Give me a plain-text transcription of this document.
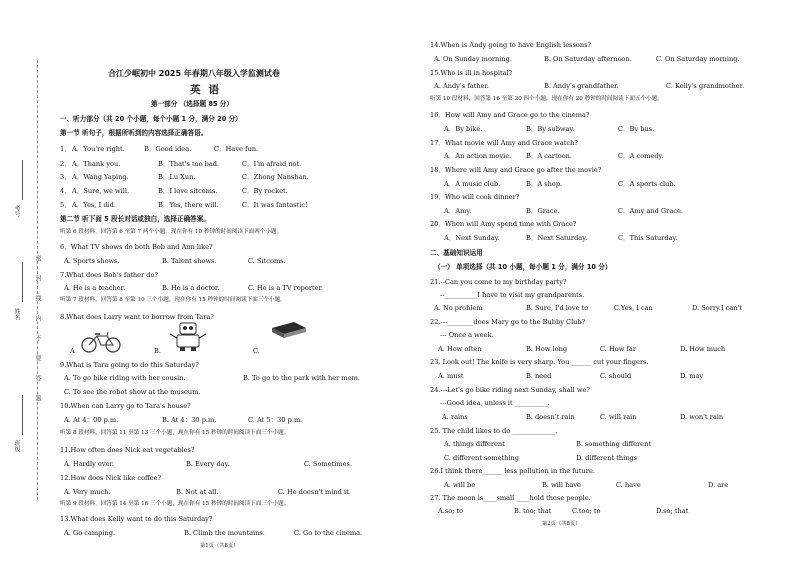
考号
姓名
班级
密
封
线
内
不
要
答
题
合江少岷初中 2025 年春期八年级入学监测试卷
英语
第一部分 （选择题 85 分）
一、听力部分（共 20 个小题，每个小题 1 分，满分 20 分）
第一节 听句子，根据所听到的内容选择正确答语。
1． A．You're right.	B．Good idea.	C．Have fun.
2． A．Thank you.	B．That's too bad.	C．I'm afraid not.
3． A．Wang Yaping.	B．Lu Xun.	C．Zhong Nanshan.
4． A．Sure, we will.	B．I love sitcoms.	C．By rocket.
5． A．Yes, I did.	B．Yes, there will.	C．It was fantastic!
第二节 听下面 5 段长对话或独白，选择正确答案。
听第 6 段材料，回答第 6 至第 7 两个小题。现在你有 10 秒钟的时间阅读下面两个小题。
6．What TV shows do both Bob and Ann like?
A. Sports shows.	B. Talent shows.	C. Sitcoms.
7.What does Bob's father do?
A. He is a teacher.	B. He is a doctor.	C. He is a TV reporter.
听第 7 段材料，回答第 8 至第 10 三个小题。现在你有 15 秒钟的时间阅读下面三个小题。
8.What does Larry want to borrow from Tara?
A	B.	C.
9.What is Tara going to do this Saturday?
A. To go bike riding with her cousin.	B. To go to the park with her mom.
C. To see the robot show at the museum.
10.When can Larry go to Tara's house?
A. At 4：00 p.m.	B. At 4：30 p.m.	C. At 5：30 p.m.
听第 8 段材料，回答第 11 至第 13 三个小题，现在你有 15 秒钟的时间阅读下面三个小题。
11.How often does Nick eat vegetables?
A. Hardly ever.	B. Every day.	C. Sometimes.
12.How does Nick like coffee?
A. Very much.	B. Not at all.	C. He doesn't mind it.
听第 9 段材料，回答第 14 至第 16 三个小题，现在你有 15 秒钟的时间阅读下面三个小题。
13.What does Kelly want to do this Saturday?
A. Go camping.	B. Climb the mountains.	C. Go to the cinema.
第1页（共8页）
14.When is Andy going to have English lessons?
A. On Sunday morning.	B. On Saturday afternoon.	C. On Saturday morning.
15.Who is ill in hospital?
A. Andy's father.	B. Andy's grandfather.	C. Kelly's grandmother.
听第 10 段材料，回答第 16 至第 20 四个小题，现在你有 20 秒钟的时间阅读下面五个小题。
16．How will Amy and Grace go to the cinema?
A．By bike.	B．By subway.	C．By bus.
17．What movie will Amy and Grace watch?
A．An action movie. B．A cartoon.	C．A comedy.
18．Where will Amy and Grace go after the movie?
A．A music club.	B．A shop.	C．A sports club.
19．Who will cook dinner?
A．Amy.	B．Grace.	C．Amy and Grace.
20．When will Amy spend time with Grace?
A．Next Sunday.	B．Next Saturday.	C．This Saturday.
二、基础知识运用
（一） 单项选择（共 10 小题，每小题 1 分，满分 10 分）
21.--Can you come to my birthday party?
--__________I have to visit my grandparents.
A. No problem	B. Sure, I'd love to	C.Yes, I can	D. Sorry.I can't
22.---________does Mary go to the Bubby Club?
--- Once a week.
A. How often	B. How long	C. How far	D. How much
23. Look out! The knife is very sharp. You ______ cut your fingers.
A. must	B. need	C. should	D. may
24.---Let's go bike riding next Sunday, shall we?
---Good idea, unless it __________.
A. rains	B. doesn't rain	C. will rain	D. won't rain
25. The child likes to do _____________.
A. things different	B. something different
C. different something	D. different things
26.I think there______ less pollution in the future.
A. will be	B. will have	C. have	D. are
27. The moon is____small ____hold these people.
A.so; to	B. too; that	C.too; to	D.so; that
第2页（共8页）
